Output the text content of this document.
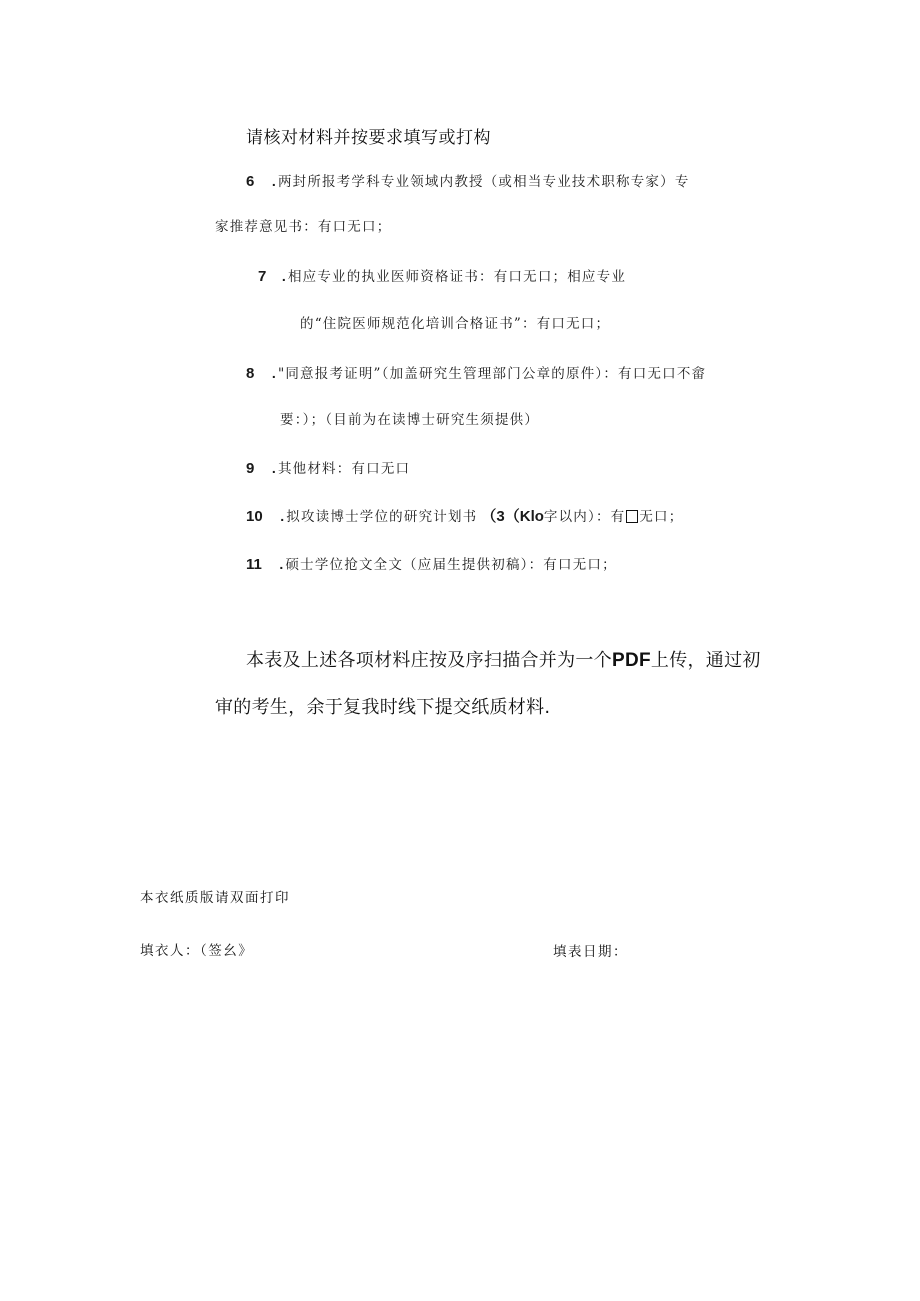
请核对材料并按要求填写或打构
6 .两封所报考学科专业领域内教授（或相当专业技术职称专家）专
家推荐意见书：有口无口；
7 .相应专业的执业医师资格证书：有口无口；相应专业
的“住院医师规范化培训合格证书”：有口无口；
8 ."同意报考证明”（加盖研究生管理部门公章的原件）：有口无口不畲
要：）；（目前为在读博士研究生须提供）
9 .其他材料：有口无口
10 .拟攻读博士学位的研究计划书 （3（Klo字以内）：有 无口；
11 .硕士学位抢文全文（应届生提供初稿）：有口无口；
本表及上述各项材料庄按及序扫描合并为一个PDF上传，通过初
审的考生，余于复我时线下提交纸质材料.
本衣纸质版请双面打印
填衣人：（签幺》	填表日期：
